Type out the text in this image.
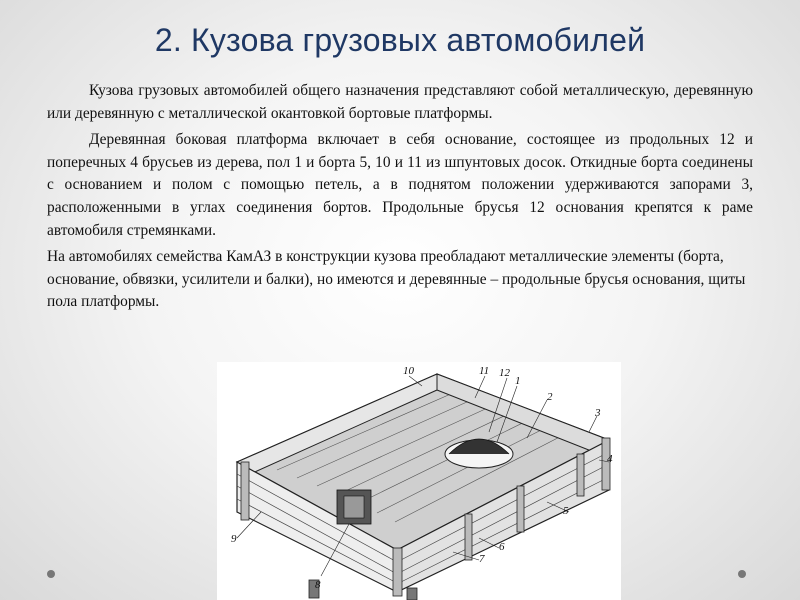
2. Кузова грузовых автомобилей

Кузова грузовых автомобилей общего назначения представляют собой металлическую, деревянную или деревянную с металлической окантовкой бортовые платформы.

Деревянная боковая платформа включает в себя основание, состоящее из продольных 12 и поперечных 4 брусьев из дерева, пол 1 и борта 5, 10 и 11 из шпунтовых досок. Откидные борта соединены с основанием и полом с помощью петель, а в поднятом положении удерживаются запорами 3, расположенными в углах соединения бортов. Продольные брусья 12 основания крепятся к раме автомобиля стремянками.

На автомобилях семейства КамАЗ в конструкции кузова преобладают металлические элементы (борта, основание, обвязки, усилители и балки), но имеются и деревянные – продольные брусья основания, щиты пола платформы.

10	11 12
1
2
3
4
5
6
7
8
9
